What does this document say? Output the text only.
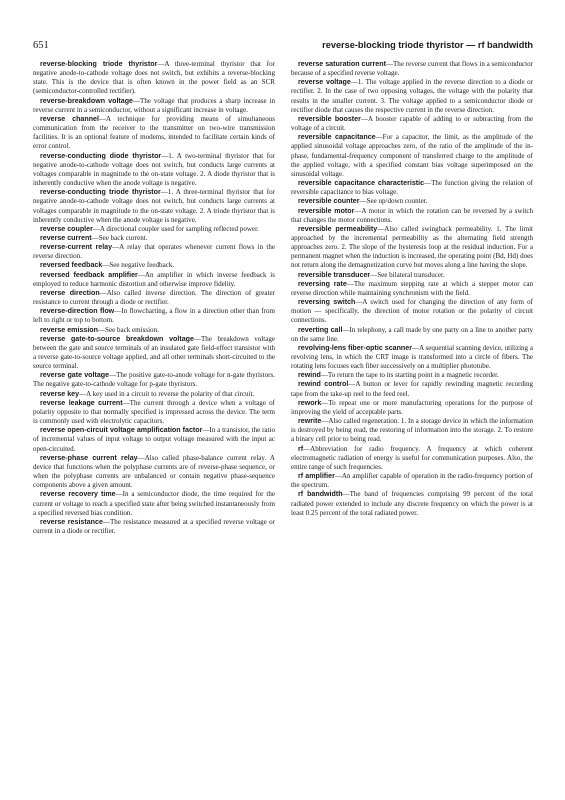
651	reverse-blocking triode thyristor — rf bandwidth

reverse-blocking triode thyristor—A three-terminal thyristor that for negative anode-to-cathode voltage does not switch, but exhibits a reverse-blocking state. This is the device that is often known in the power field as an SCR (semiconductor-controlled rectifier).

reverse-breakdown voltage—The voltage that produces a sharp increase in reverse current in a semiconductor, without a significant increase in voltage.

reverse channel—A technique for providing means of simultaneous communication from the receiver to the transmitter on two-wire transmission facilities. It is an optional feature of modems, intended to facilitate certain kinds of error control.

reverse-conducting diode thyristor—1. A two-terminal thyristor that for negative anode-to-cathode voltage does not switch, but conducts large currents at voltages comparable in magnitude to the on-state voltage. 2. A diode thyristor that is inherently conductive when the anode voltage is negative.

reverse-conducting triode thyristor—1. A three-terminal thyristor that for negative anode-to-cathode voltage does not switch, but conducts large currents at voltages comparable in magnitude to the on-state voltage. 2. A triode thyristor that is inherently conductive when the anode voltage is negative.

reverse coupler—A directional coupler used for sampling reflected power.

reverse current—See back current.

reverse-current relay—A relay that operates whenever current flows in the reverse direction.

reversed feedback—See negative feedback.

reversed feedback amplifier—An amplifier in which inverse feedback is employed to reduce harmonic distortion and otherwise improve fidelity.

reverse direction—Also called inverse direction. The direction of greater resistance to current through a diode or rectifier.

reverse-direction flow—In flowcharting, a flow in a direction other than from left to right or top to bottom.

reverse emission—See back emission.

reverse gate-to-source breakdown voltage—The breakdown voltage between the gate and source terminals of an insulated gate field-effect transistor with a reverse gate-to-source voltage applied, and all other terminals short-circuited to the source terminal.

reverse gate voltage—The positive gate-to-anode voltage for n-gate thyristors. The negative gate-to-cathode voltage for p-gate thyristors.

reverse key—A key used in a circuit to reverse the polarity of that circuit.

reverse leakage current—The current through a device when a voltage of polarity opposite to that normally specified is impressed across the device. The term is commonly used with electrolytic capacitors.

reverse open-circuit voltage amplification factor—In a transistor, the ratio of incremental values of input voltage to output voltage measured with the input ac open-circuited.

reverse-phase current relay—Also called phase-balance current relay. A device that functions when the polyphase currents are of reverse-phase sequence, or when the polyphase currents are unbalanced or contain negative phase-sequence components above a given amount.

reverse recovery time—In a semiconductor diode, the time required for the current or voltage to reach a specified state after being switched instantaneously from a specified reversed bias condition.

reverse resistance—The resistance measured at a specified reverse voltage or current in a diode or rectifier.

reverse saturation current—The reverse current that flows in a semiconductor because of a specified reverse voltage.

reverse voltage—1. The voltage applied in the reverse direction to a diode or rectifier. 2. In the case of two opposing voltages, the voltage with the polarity that results in the smaller current. 3. The voltage applied to a semiconductor diode or rectifier diode that causes the respective current in the reverse direction.

reversible booster—A booster capable of adding to or subtracting from the voltage of a circuit.

reversible capacitance—For a capacitor, the limit, as the amplitude of the applied sinusoidal voltage approaches zero, of the ratio of the amplitude of the in-phase, fundamental-frequency component of transferred charge to the amplitude of the applied voltage, with a specified constant bias voltage superimposed on the sinusoidal voltage.

reversible capacitance characteristic—The function giving the relation of reversible capacitance to bias voltage.

reversible counter—See up/down counter.

reversible motor—A motor in which the rotation can be reversed by a switch that changes the motor connections.

reversible permeability—Also called swingback permeability. 1. The limit approached by the incremental permeability as the alternating field strength approaches zero. 2. The slope of the hysteresis loop at the residual induction. For a permanent magnet when the induction is increased, the operating point (Bd, Hd) does not return along the demagnetization curve but moves along a line having the slope.

reversible transducer—See bilateral transducer.

reversing rate—The maximum stepping rate at which a stepper motor can reverse direction while maintaining synchronism with the field.

reversing switch—A switch used for changing the direction of any form of motion — specifically, the direction of motor rotation or the polarity of circuit connections.

reverting call—In telephony, a call made by one party on a line to another party on the same line.

revolving-lens fiber-optic scanner—A sequential scanning device, utilizing a revolving lens, in which the CRT image is transformed into a circle of fibers. The rotating lens focuses each fiber successively on a multiplier phototube.

rewind—To return the tape to its starting point in a magnetic recorder.

rewind control—A button or lever for rapidly rewinding magnetic recording tape from the take-up reel to the feed reel.

rework—To repeat one or more manufacturing operations for the purpose of improving the yield of acceptable parts.

rewrite—Also called regeneration. 1. In a storage device in which the information is destroyed by being read, the restoring of information into the storage. 2. To restore a binary cell prior to being read.

rf—Abbreviation for radio frequency. A frequency at which coherent electromagnetic radiation of energy is useful for communication purposes. Also, the entire range of such frequencies.

rf amplifier—An amplifier capable of operation in the radio-frequency portion of the spectrum.

rf bandwidth—The band of frequencies comprising 99 percent of the total radiated power extended to include any discrete frequency on which the power is at least 0.25 percent of the total radiated power.
